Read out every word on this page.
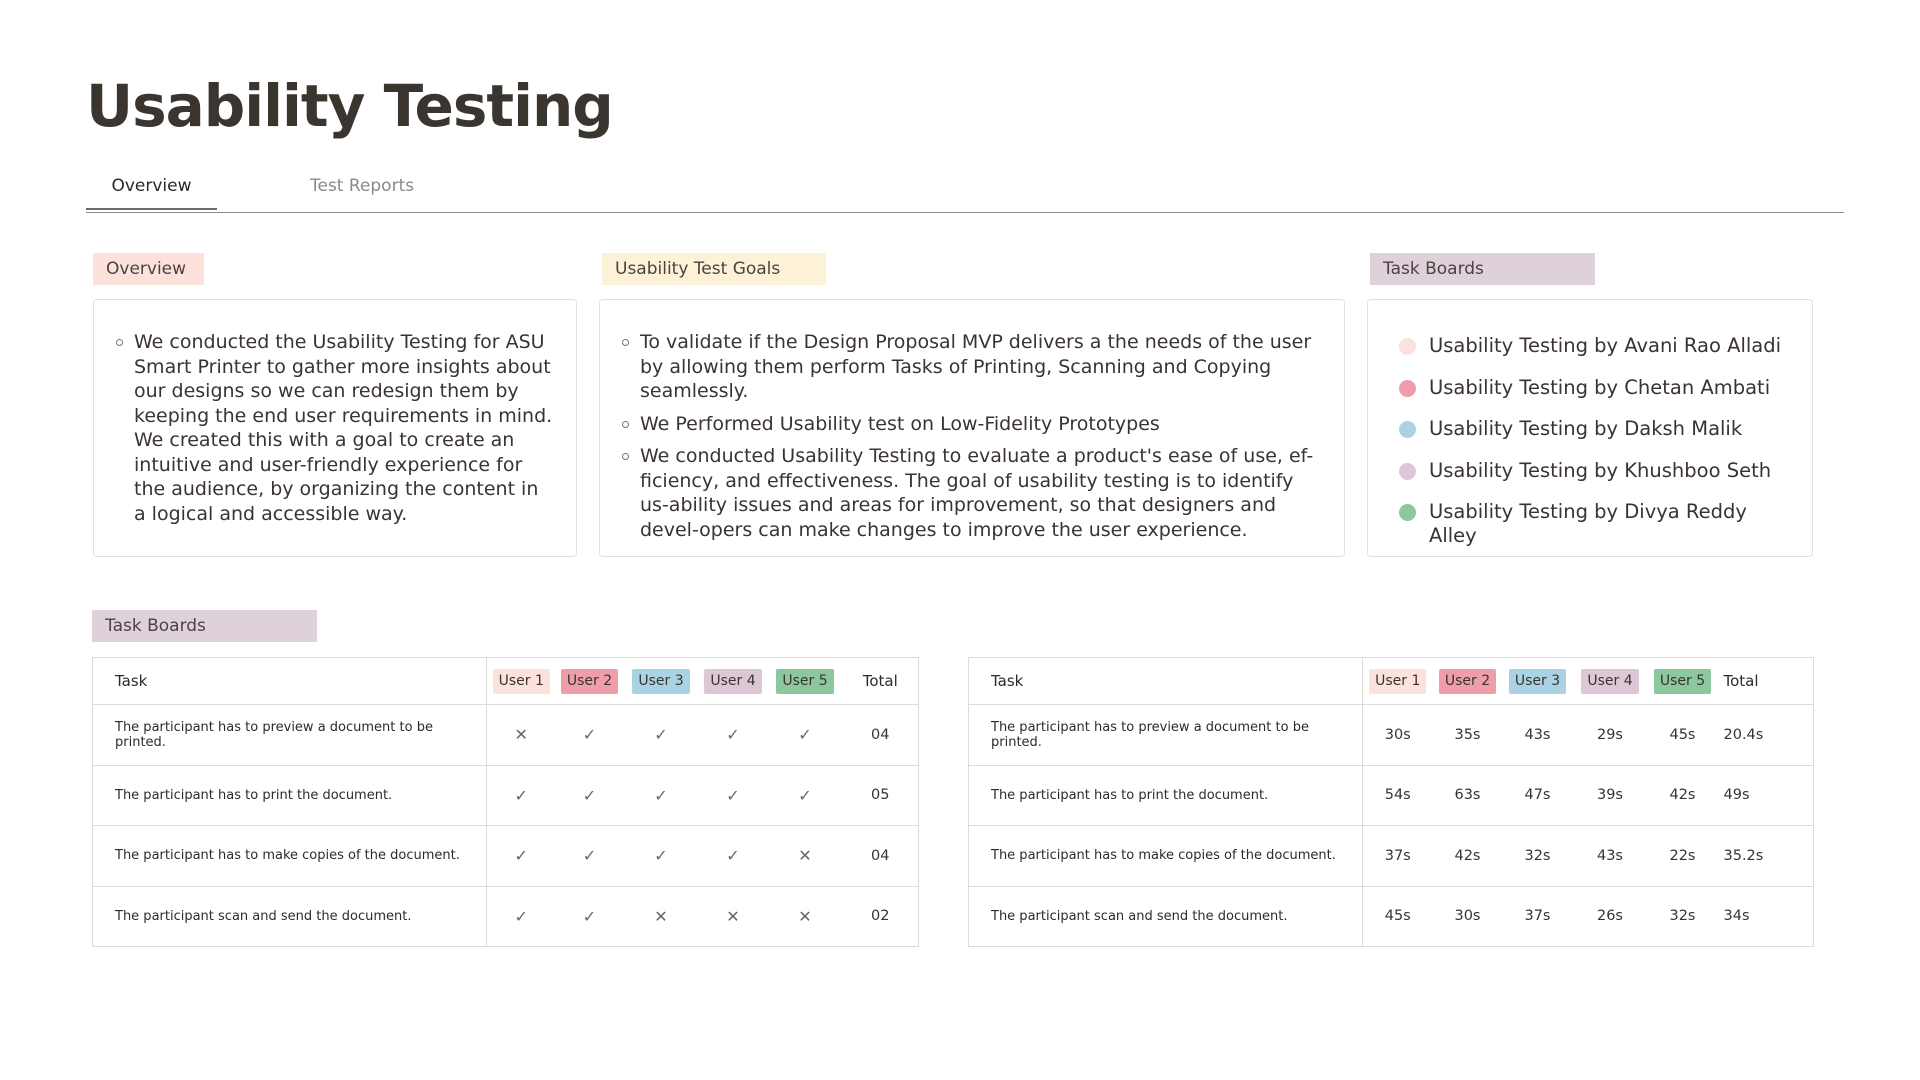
Usability Testing
Overview	Test Reports
Overview
We conducted the Usability Testing for ASU Smart Printer to gather more insights about our designs so we can redesign them by keeping the end user requirements in mind. We created this with a goal to create an intuitive and user-friendly experience for the audience, by organizing the content in a logical and accessible way.
Usability Test Goals
To validate if the Design Proposal MVP delivers a the needs of the user by allowing them perform Tasks of Printing, Scanning and Copying seamlessly.
We Performed Usability test on Low-Fidelity Prototypes
We conducted Usability Testing to evaluate a product's ease of use, ef-ficiency, and effectiveness. The goal of usability testing is to identify us-ability issues and areas for improvement, so that designers and devel-opers can make changes to improve the user experience.
Task Boards
Usability Testing by Avani Rao Alladi
Usability Testing by Chetan Ambati
Usability Testing by Daksh Malik
Usability Testing by Khushboo Seth
Usability Testing by Divya Reddy Alley
Task Boards
Task	User 1	User 2	User 3	User 4	User 5	Total
The participant has to preview a document to be printed.	✕	✓	✓	✓	✓	04
The participant has to print the document.	✓	✓	✓	✓	✓	05
The participant has to make copies of the document.	✓	✓	✓	✓	✕	04
The participant scan and send the document.	✓	✓	✕	✕	✕	02
Task	User 1	User 2	User 3	User 4	User 5	Total
The participant has to preview a document to be printed.	30s	35s	43s	29s	45s	20.4s
The participant has to print the document.	54s	63s	47s	39s	42s	49s
The participant has to make copies of the document.	37s	42s	32s	43s	22s	35.2s
The participant scan and send the document.	45s	30s	37s	26s	32s	34s
